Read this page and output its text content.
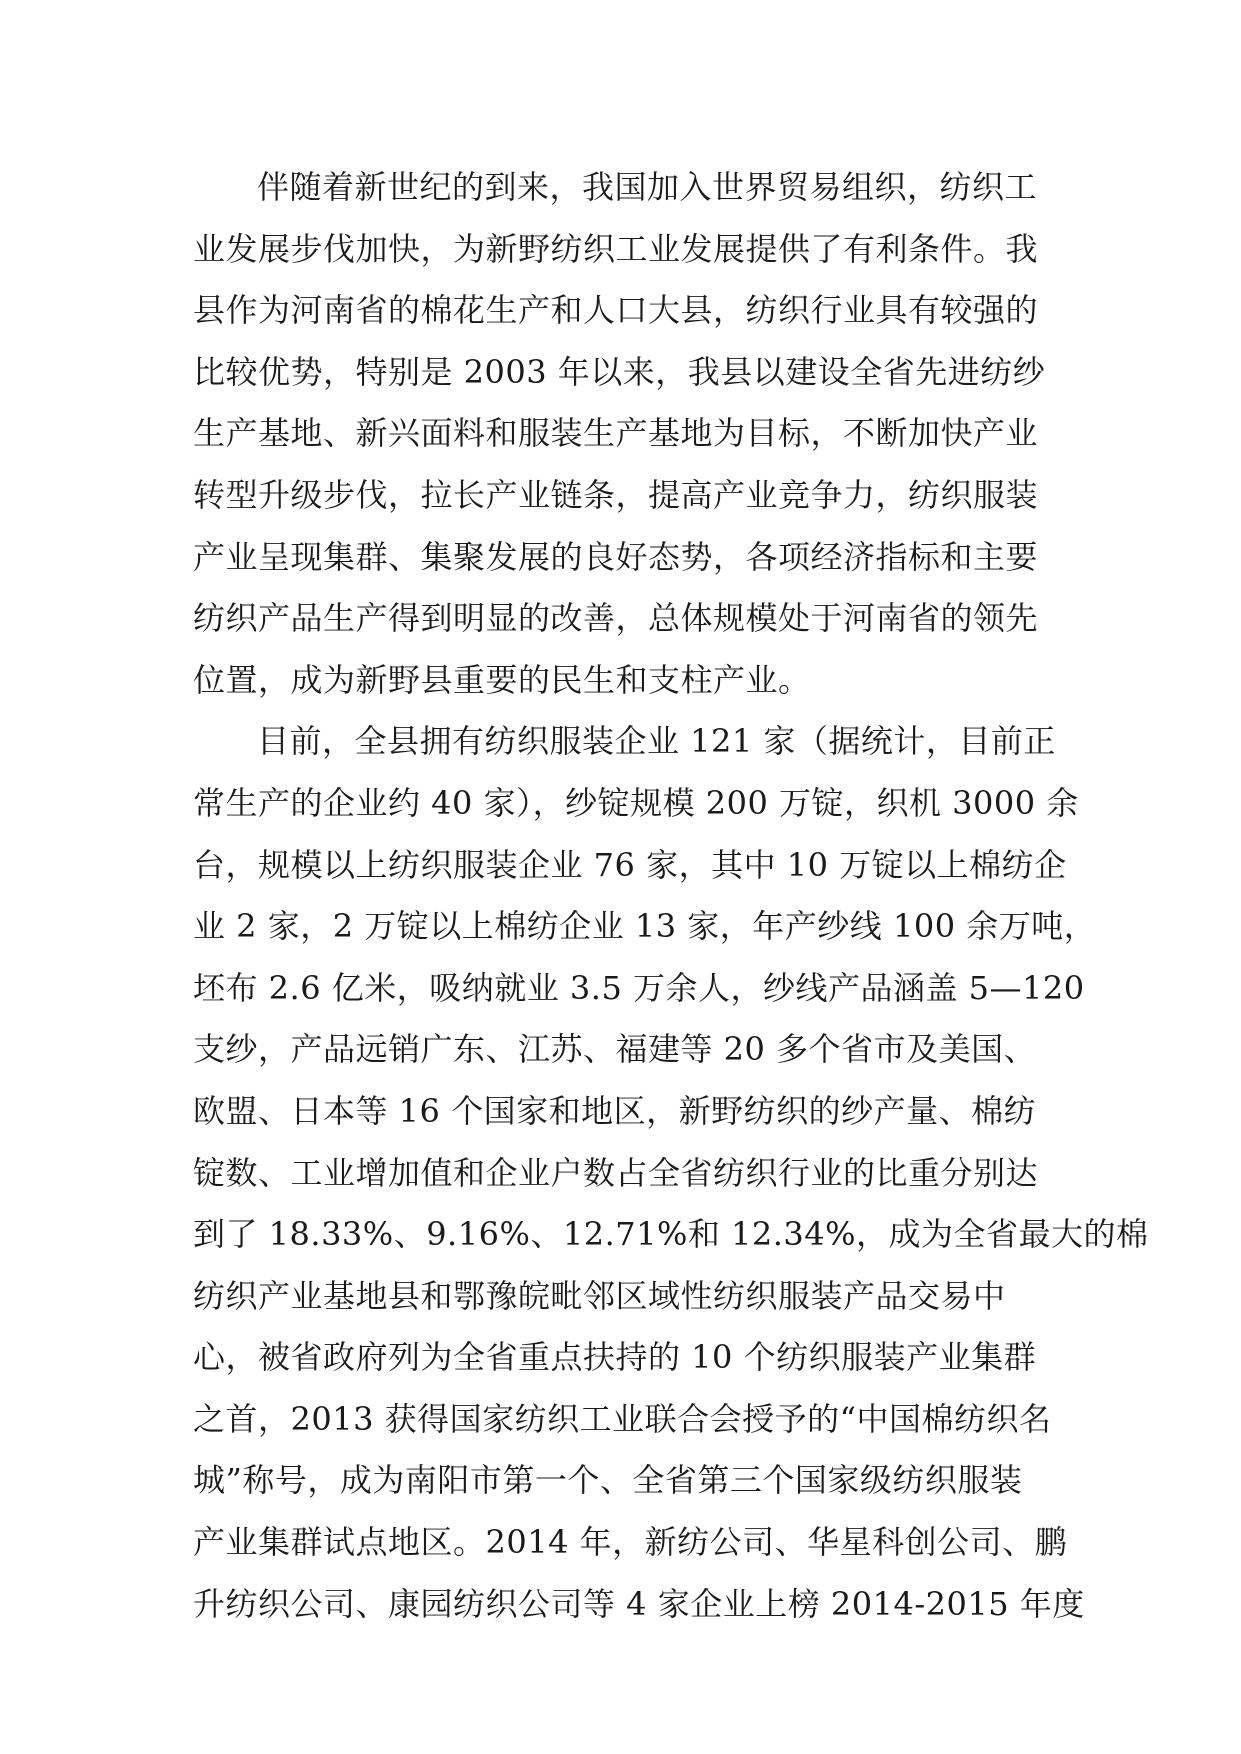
伴随着新世纪的到来，我国加入世界贸易组织，纺织工
业发展步伐加快，为新野纺织工业发展提供了有利条件。我
县作为河南省的棉花生产和人口大县，纺织行业具有较强的
比较优势，特别是 2003 年以来，我县以建设全省先进纺纱
生产基地、新兴面料和服装生产基地为目标，不断加快产业
转型升级步伐，拉长产业链条，提高产业竞争力，纺织服装
产业呈现集群、集聚发展的良好态势，各项经济指标和主要
纺织产品生产得到明显的改善，总体规模处于河南省的领先
位置，成为新野县重要的民生和支柱产业。
目前，全县拥有纺织服装企业 121 家（据统计，目前正
常生产的企业约 40 家），纱锭规模 200 万锭，织机 3000 余
台，规模以上纺织服装企业 76 家，其中 10 万锭以上棉纺企
业 2 家，2 万锭以上棉纺企业 13 家，年产纱线 100 余万吨，
坯布 2.6 亿米，吸纳就业 3.5 万余人，纱线产品涵盖 5—120
支纱，产品远销广东、江苏、福建等 20 多个省市及美国、
欧盟、日本等 16 个国家和地区，新野纺织的纱产量、棉纺
锭数、工业增加值和企业户数占全省纺织行业的比重分别达
到了 18.33%、9.16%、12.71%和 12.34%，成为全省最大的棉
纺织产业基地县和鄂豫皖毗邻区域性纺织服装产品交易中
心，被省政府列为全省重点扶持的 10 个纺织服装产业集群
之首，2013 获得国家纺织工业联合会授予的“中国棉纺织名
城”称号，成为南阳市第一个、全省第三个国家级纺织服装
产业集群试点地区。2014 年，新纺公司、华星科创公司、鹏
升纺织公司、康园纺织公司等 4 家企业上榜 2014-2015 年度
